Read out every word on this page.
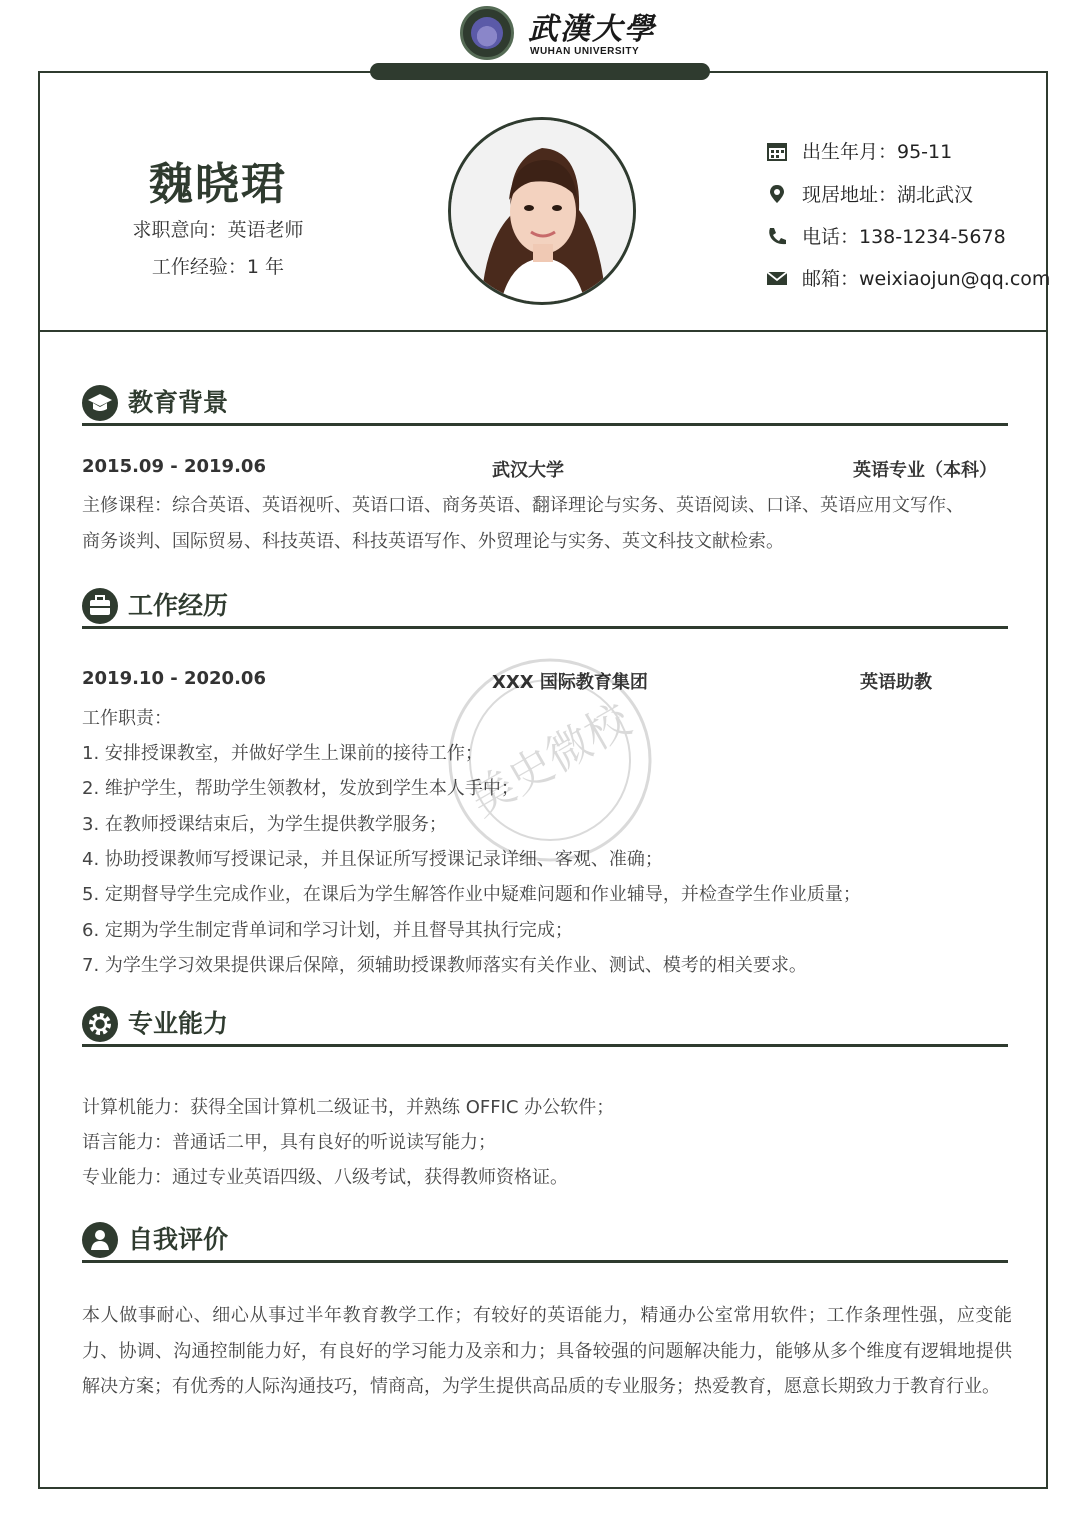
武漢大學
WUHAN UNIVERSITY
魏晓珺
求职意向：英语老师
工作经验：1 年
出生年月：95-11
现居地址：湖北武汉
电话：138-1234-5678
邮箱：weixiaojun@qq.com
教育背景
2015.09 - 2019.06	武汉大学	英语专业（本科）
主修课程：综合英语、英语视听、英语口语、商务英语、翻译理论与实务、英语阅读、口译、英语应用文写作、
商务谈判、国际贸易、科技英语、科技英语写作、外贸理论与实务、英文科技文献检索。
工作经历
2019.10 - 2020.06	XXX 国际教育集团	英语助教
工作职责：
1. 安排授课教室，并做好学生上课前的接待工作；
2. 维护学生，帮助学生领教材，发放到学生本人手中；
3. 在教师授课结束后，为学生提供教学服务；
4. 协助授课教师写授课记录，并且保证所写授课记录详细、客观、准确；
5. 定期督导学生完成作业，在课后为学生解答作业中疑难问题和作业辅导，并检查学生作业质量；
6. 定期为学生制定背单词和学习计划，并且督导其执行完成；
7. 为学生学习效果提供课后保障，须辅助授课教师落实有关作业、测试、模考的相关要求。
专业能力
计算机能力：获得全国计算机二级证书，并熟练 OFFIC 办公软件；
语言能力：普通话二甲，具有良好的听说读写能力；
专业能力：通过专业英语四级、八级考试，获得教师资格证。
自我评价
本人做事耐心、细心从事过半年教育教学工作；有较好的英语能力，精通办公室常用软件；工作条理性强，应变能力、协调、沟通控制能力好，有良好的学习能力及亲和力；具备较强的问题解决能力，能够从多个维度有逻辑地提供解决方案；有优秀的人际沟通技巧，情商高，为学生提供高品质的专业服务；热爱教育，愿意长期致力于教育行业。
美史微校
